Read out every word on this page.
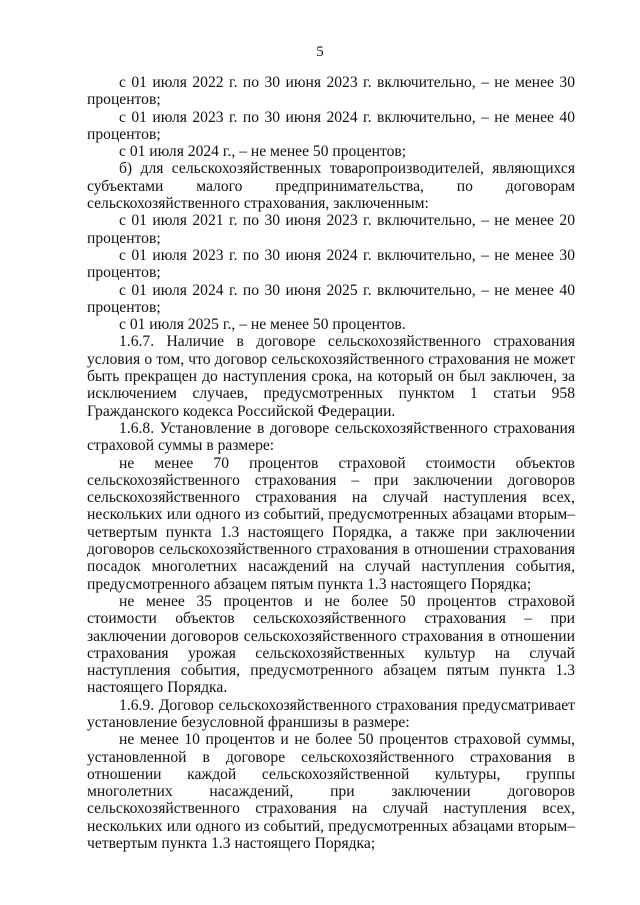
5

с 01 июля 2022 г. по 30 июня 2023 г. включительно, – не менее 30 процентов;

с 01 июля 2023 г. по 30 июня 2024 г. включительно, – не менее 40 процентов;

с 01 июля 2024 г., – не менее 50 процентов;

б) для сельскохозяйственных товаропроизводителей, являющихся субъектами малого предпринимательства, по договорам сельскохозяйственного страхования, заключенным:

с 01 июля 2021 г. по 30 июня 2023 г. включительно, – не менее 20 процентов;

с 01 июля 2023 г. по 30 июня 2024 г. включительно, – не менее 30 процентов;

с 01 июля 2024 г. по 30 июня 2025 г. включительно, – не менее 40 процентов;

с 01 июля 2025 г., – не менее 50 процентов.

1.6.7. Наличие в договоре сельскохозяйственного страхования условия о том, что договор сельскохозяйственного страхования не может быть прекращен до наступления срока, на который он был заключен, за исключением случаев, предусмотренных пунктом 1 статьи 958 Гражданского кодекса Российской Федерации.

1.6.8. Установление в договоре сельскохозяйственного страхования страховой суммы в размере:

не менее 70 процентов страховой стоимости объектов сельскохозяйственного страхования – при заключении договоров сельскохозяйственного страхования на случай наступления всех, нескольких или одного из событий, предусмотренных абзацами вторым–четвертым пункта 1.3 настоящего Порядка, а также при заключении договоров сельскохозяйственного страхования в отношении страхования посадок многолетних насаждений на случай наступления события, предусмотренного абзацем пятым пункта 1.3 настоящего Порядка;

не менее 35 процентов и не более 50 процентов страховой стоимости объектов сельскохозяйственного страхования – при заключении договоров сельскохозяйственного страхования в отношении страхования урожая сельскохозяйственных культур на случай наступления события, предусмотренного абзацем пятым пункта 1.3 настоящего Порядка.

1.6.9. Договор сельскохозяйственного страхования предусматривает установление безусловной франшизы в размере:

не менее 10 процентов и не более 50 процентов страховой суммы, установленной в договоре сельскохозяйственного страхования в отношении каждой сельскохозяйственной культуры, группы многолетних насаждений, при заключении договоров сельскохозяйственного страхования на случай наступления всех, нескольких или одного из событий, предусмотренных абзацами вторым–четвертым пункта 1.3 настоящего Порядка;
